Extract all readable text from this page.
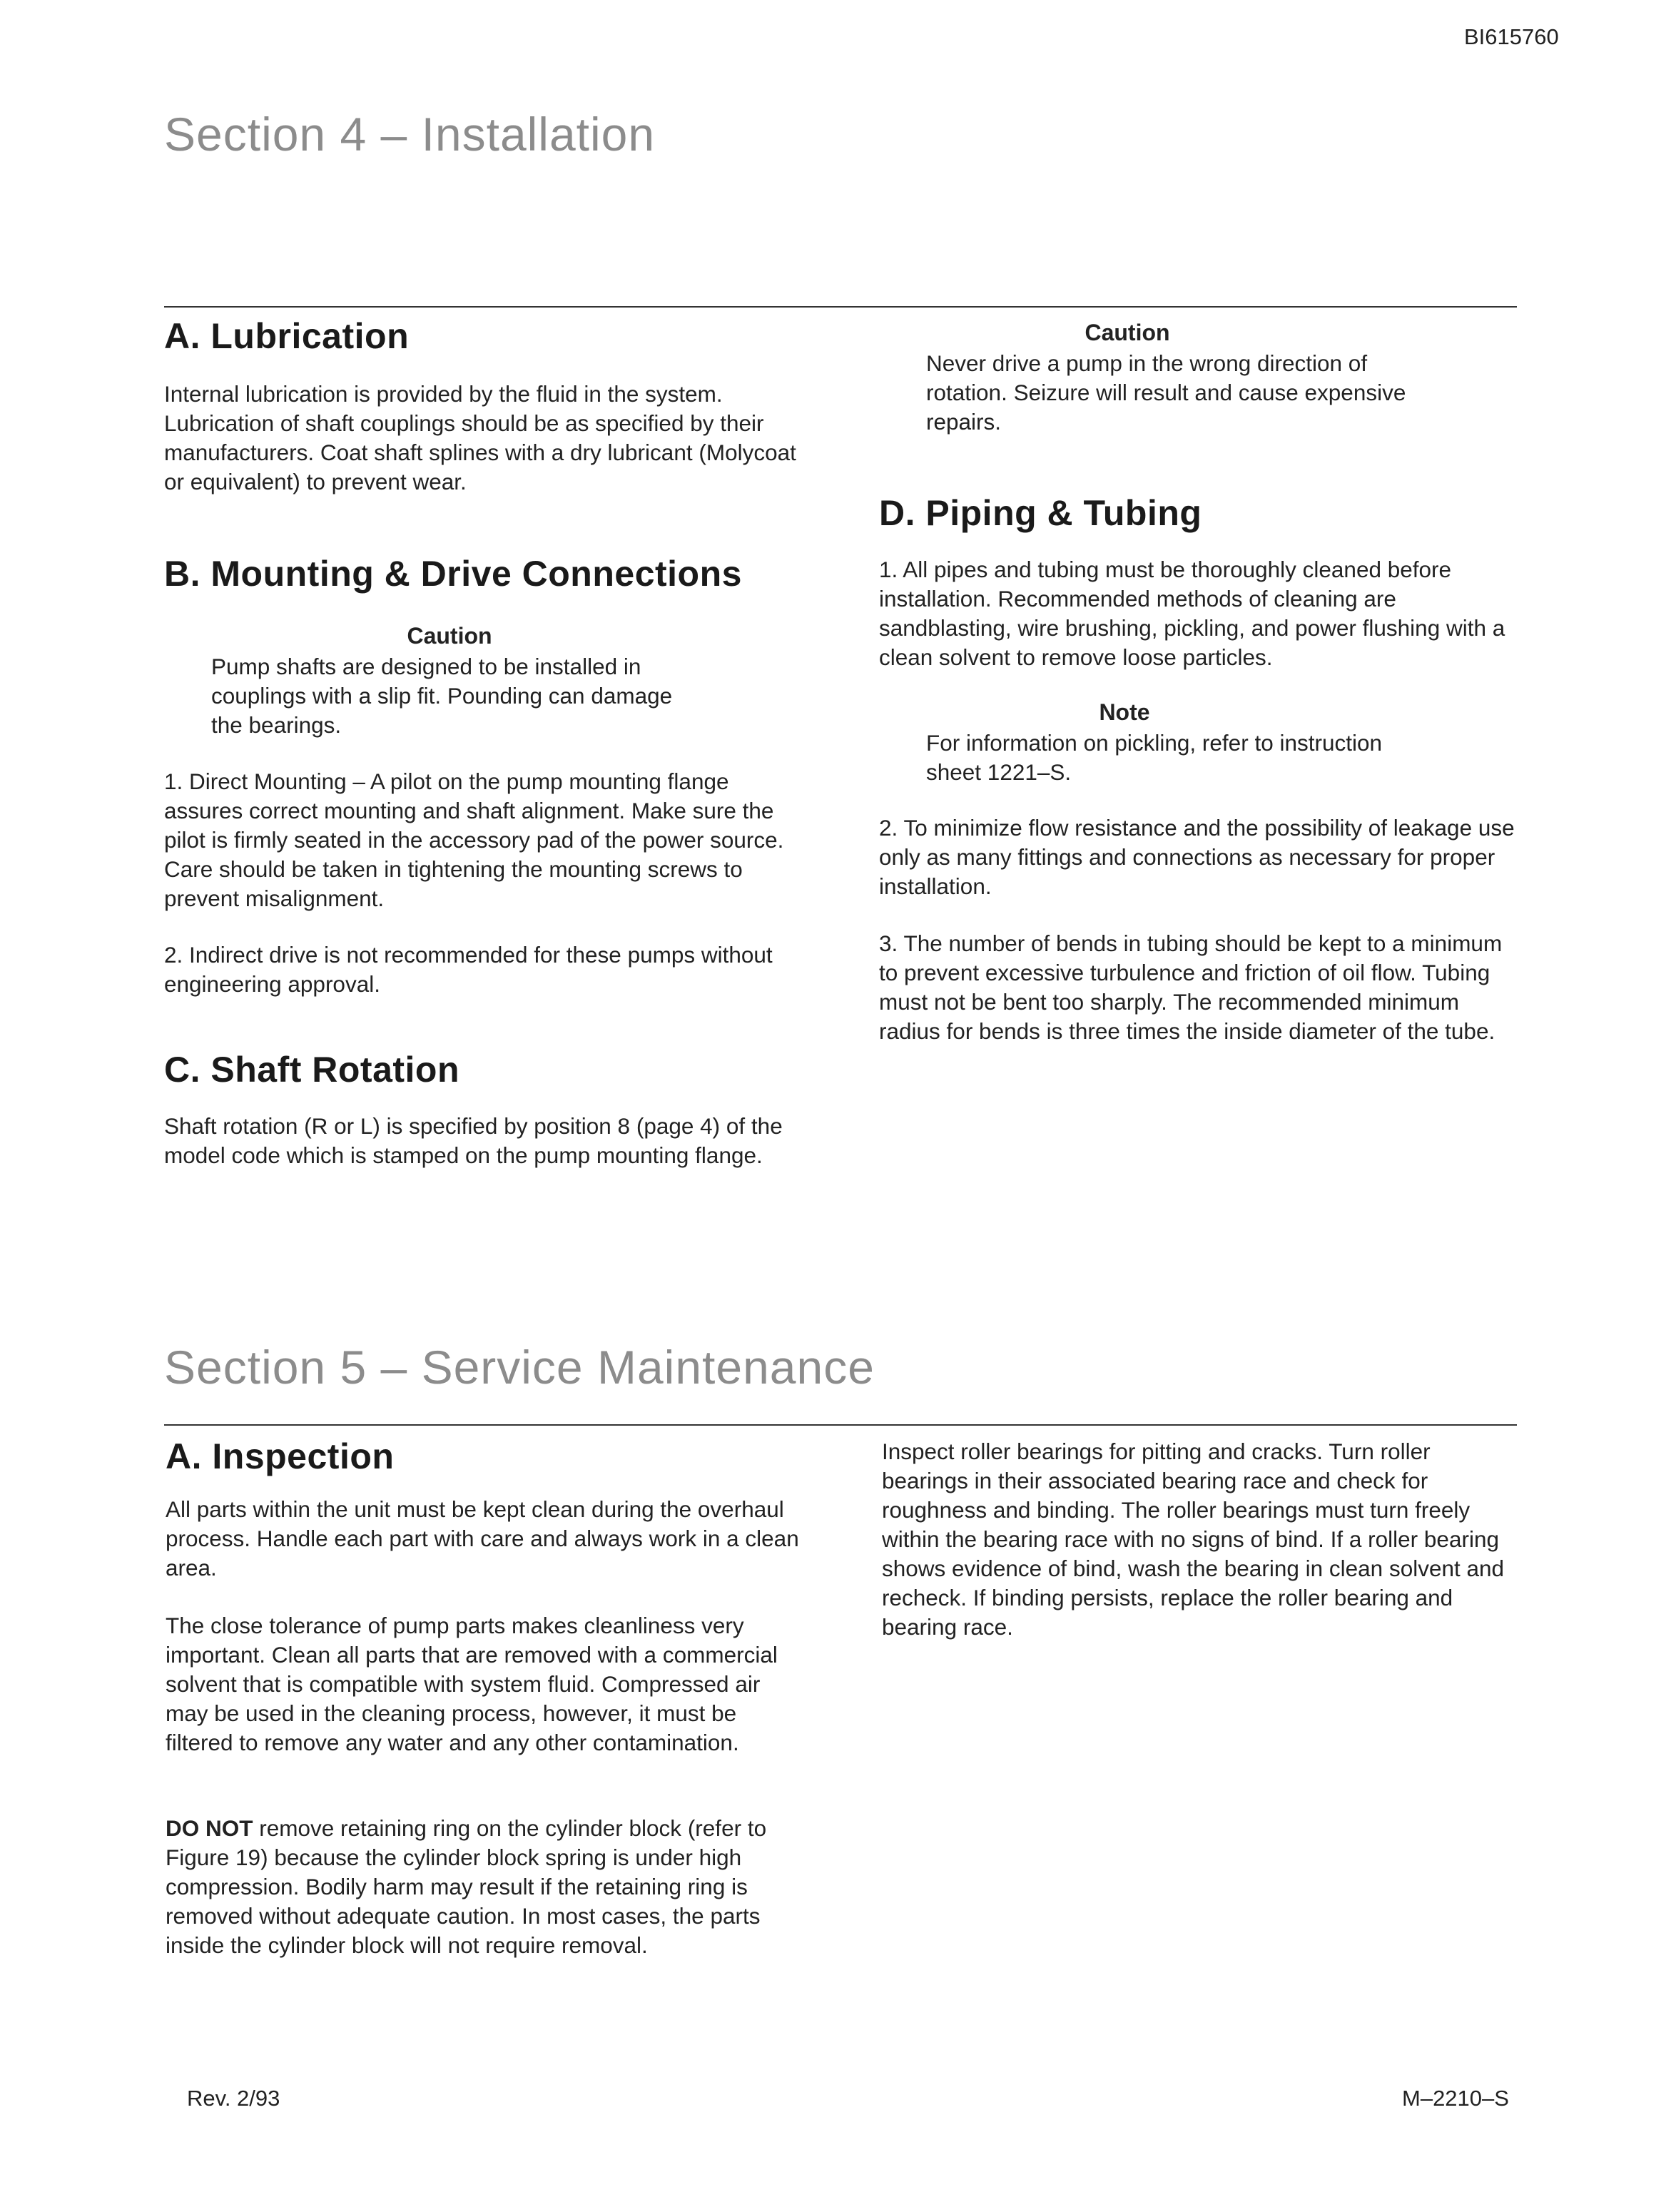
BI615760
Section 4 – Installation
A. Lubrication

Internal lubrication is provided by the fluid in the system. Lubrication of shaft couplings should be as specified by their manufacturers. Coat shaft splines with a dry lubricant (Molycoat or equivalent) to prevent wear.

B. Mounting & Drive Connections
Caution
Pump shafts are designed to be installed in couplings with a slip fit. Pounding can damage the bearings.

1. Direct Mounting – A pilot on the pump mounting flange assures correct mounting and shaft alignment. Make sure the pilot is firmly seated in the accessory pad of the power source. Care should be taken in tightening the mounting screws to prevent misalignment.

2. Indirect drive is not recommended for these pumps without engineering approval.

C. Shaft Rotation

Shaft rotation (R or L) is specified by position 8 (page 4) of the model code which is stamped on the pump mounting flange.

Caution
Never drive a pump in the wrong direction of rotation. Seizure will result and cause expensive repairs.
D. Piping & Tubing

1. All pipes and tubing must be thoroughly cleaned before installation. Recommended methods of cleaning are sandblasting, wire brushing, pickling, and power flushing with a clean solvent to remove loose particles.

Note
For information on pickling, refer to instruction sheet 1221–S.

2. To minimize flow resistance and the possibility of leakage use only as many fittings and connections as necessary for proper installation.

3. The number of bends in tubing should be kept to a minimum to prevent excessive turbulence and friction of oil flow. Tubing must not be bent too sharply. The recommended minimum radius for bends is three times the inside diameter of the tube.

Section 5 – Service Maintenance
A. Inspection

All parts within the unit must be kept clean during the overhaul process. Handle each part with care and always work in a clean area.

The close tolerance of pump parts makes cleanliness very important. Clean all parts that are removed with a commercial solvent that is compatible with system fluid. Compressed air may be used in the cleaning process, however, it must be filtered to remove any water and any other contamination.

DO NOT remove retaining ring on the cylinder block (refer to Figure 19) because the cylinder block spring is under high compression. Bodily harm may result if the retaining ring is removed without adequate caution. In most cases, the parts inside the cylinder block will not require removal.

Inspect roller bearings for pitting and cracks. Turn roller bearings in their associated bearing race and check for roughness and binding. The roller bearings must turn freely within the bearing race with no signs of bind. If a roller bearing shows evidence of bind, wash the bearing in clean solvent and recheck. If binding persists, replace the roller bearing and bearing race.

Rev. 2/93	M–2210–S
